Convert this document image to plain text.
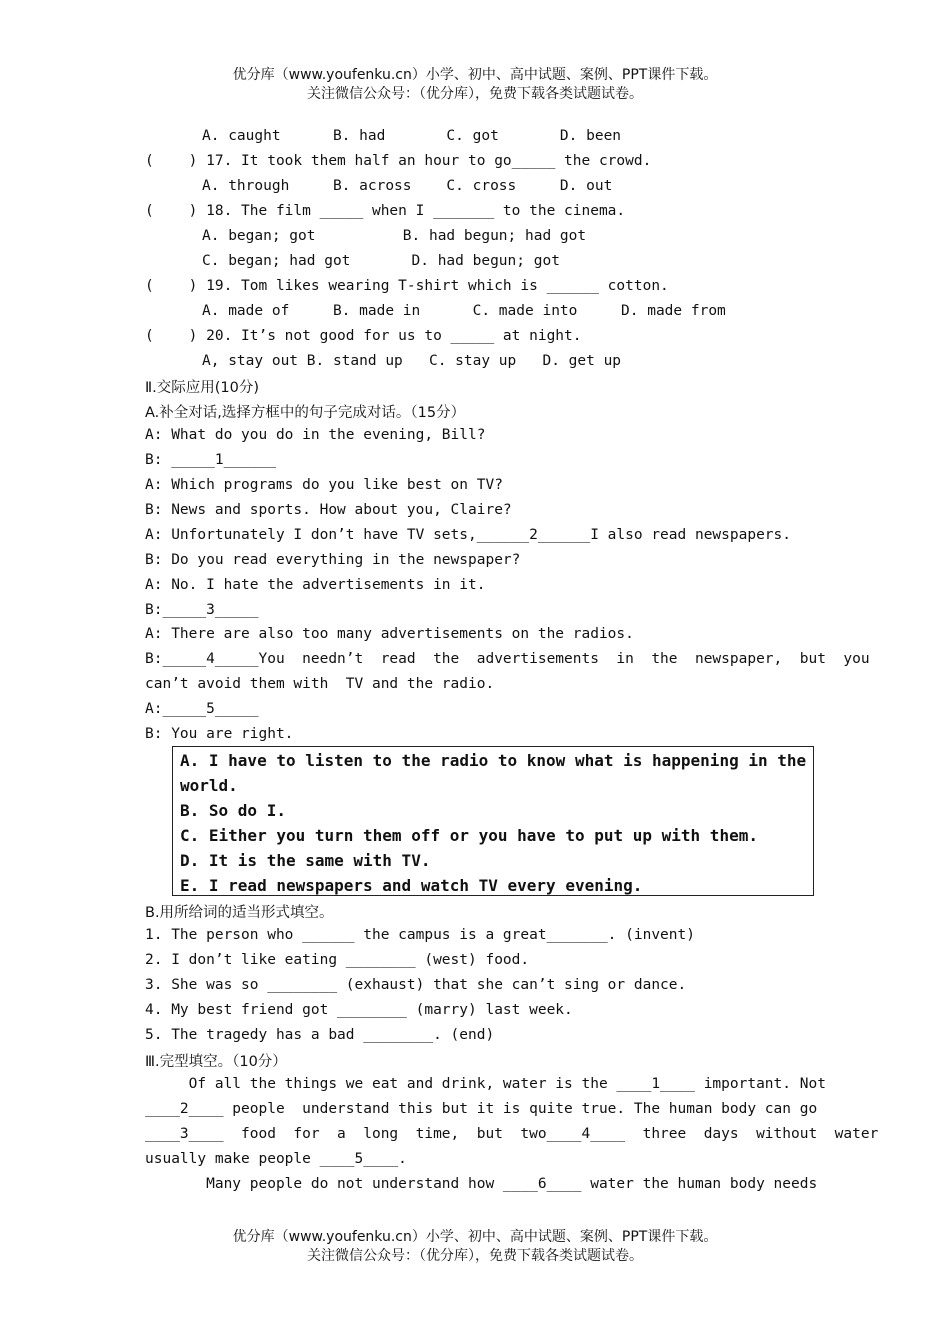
优分库（www.youfenku.cn）小学、初中、高中试题、案例、PPT课件下载。
关注微信公众号：（优分库），免费下载各类试题试卷。
A. caught      B. had       C. got       D. been
(    ) 17. It took them half an hour to go_____ the crowd.
A. through     B. across    C. cross     D. out
(    ) 18. The film _____ when I _______ to the cinema.
A. began; got          B. had begun; had got
C. began; had got       D. had begun; got
(    ) 19. Tom likes wearing T-shirt which is ______ cotton.
A. made of     B. made in      C. made into     D. made from
(    ) 20. It’s not good for us to _____ at night.
A, stay out B. stand up   C. stay up   D. get up
Ⅱ.交际应用(10分)
A.补全对话,选择方框中的句子完成对话。（15分）
A: What do you do in the evening, Bill?
B: _____1______
A: Which programs do you like best on TV?
B: News and sports. How about you, Claire?
A: Unfortunately I don’t have TV sets,______2______I also read newspapers.
B: Do you read everything in the newspaper?
A: No. I hate the advertisements in it.
B:_____3_____
A: There are also too many advertisements on the radios.
B:_____4_____You  needn’t  read  the  advertisements  in  the  newspaper,  but  you
can’t avoid them with  TV and the radio.
A:_____5_____
B: You are right.
A. I have to listen to the radio to know what is happening in the
world.
B. So do I.
C. Either you turn them off or you have to put up with them.
D. It is the same with TV.
E. I read newspapers and watch TV every evening.
B.用所给词的适当形式填空。
1. The person who ______ the campus is a great_______. (invent)
2. I don’t like eating ________ (west) food.
3. She was so ________ (exhaust) that she can’t sing or dance.
4. My best friend got ________ (marry) last week.
5. The tragedy has a bad ________. (end)
Ⅲ.完型填空。（10分）
Of all the things we eat and drink, water is the ____1____ important. Not
____2____ people  understand this but it is quite true. The human body can go
____3____  food  for  a  long  time,  but  two____4____  three  days  without  water
usually make people ____5____.
Many people do not understand how ____6____ water the human body needs
优分库（www.youfenku.cn）小学、初中、高中试题、案例、PPT课件下载。
关注微信公众号：（优分库），免费下载各类试题试卷。
